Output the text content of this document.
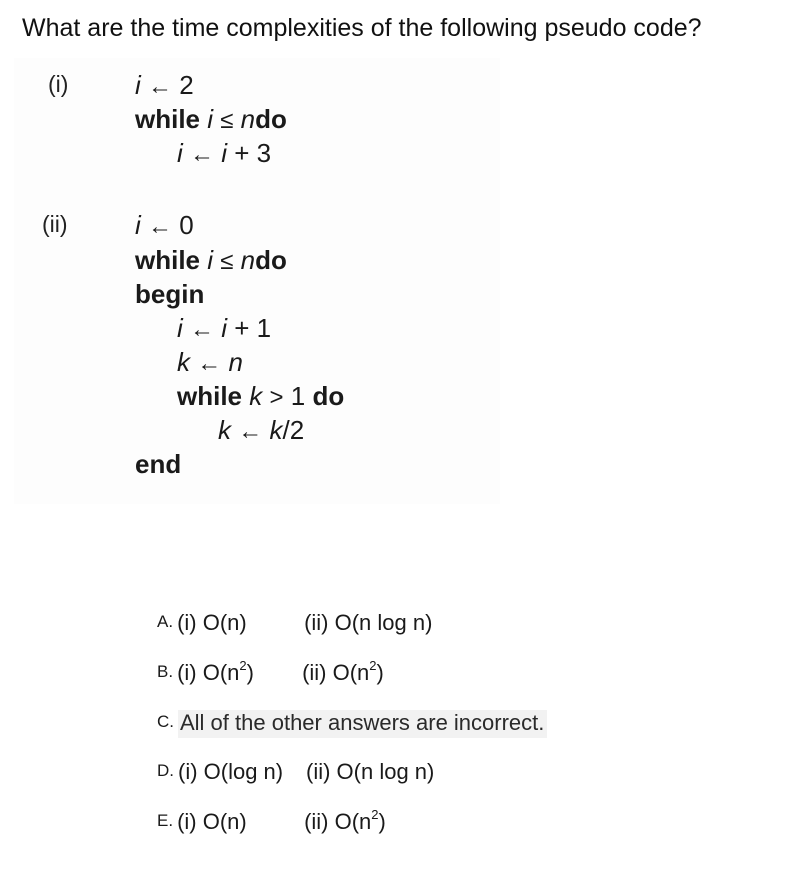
What are the time complexities of the following pseudo code?
(i)	i ← 2
while i ≤ ndo
i ← i + 3
(ii)	i ← 0
while i ≤ ndo
begin
i ← i + 1
k ← n
while k > 1 do
k ← k/2
end
A. (i) O(n)	(ii) O(n log n)
B. (i) $O(n^2)$	(ii) $O(n^2)$
C. All of the other answers are incorrect.
D. (i) O(log n)	(ii) O(n log n)
E. (i) O(n)	(ii) $O(n^2)$
